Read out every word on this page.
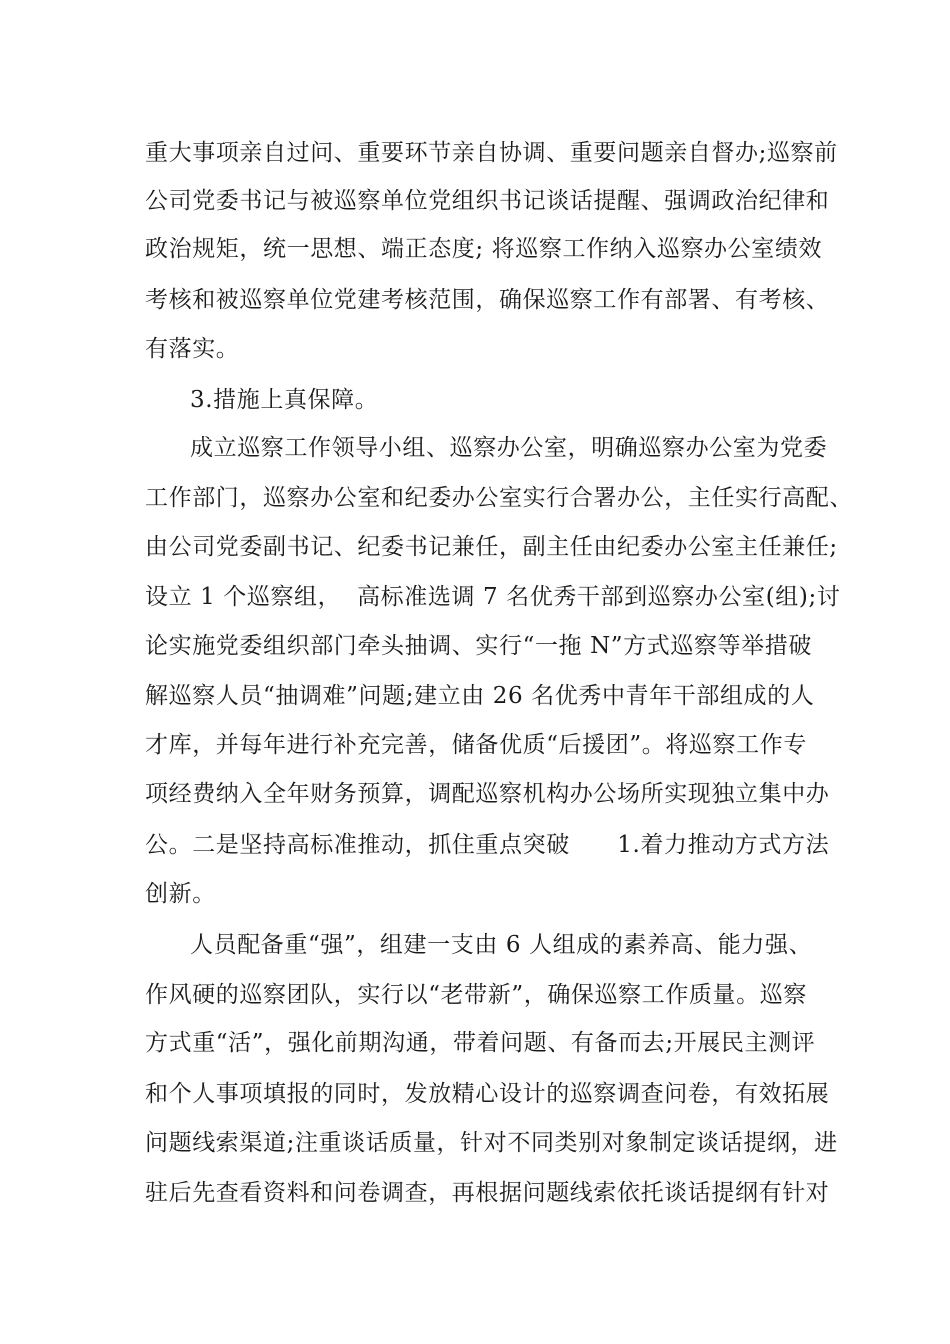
重大事项亲自过问、重要环节亲自协调、重要问题亲自督办;巡察前
公司党委书记与被巡察单位党组织书记谈话提醒、强调政治纪律和
政治规矩，统一思想、端正态度; 将巡察工作纳入巡察办公室绩效
考核和被巡察单位党建考核范围，确保巡察工作有部署、有考核、
有落实。
3.措施上真保障。
成立巡察工作领导小组、巡察办公室，明确巡察办公室为党委
工作部门，巡察办公室和纪委办公室实行合署办公，主任实行高配、
由公司党委副书记、纪委书记兼任，副主任由纪委办公室主任兼任;
设立 1 个巡察组，  高标准选调 7 名优秀干部到巡察办公室(组);讨
论实施党委组织部门牵头抽调、实行“一拖 N”方式巡察等举措破
解巡察人员“抽调难”问题;建立由 26 名优秀中青年干部组成的人
才库，并每年进行补充完善，储备优质“后援团”。将巡察工作专
项经费纳入全年财务预算，调配巡察机构办公场所实现独立集中办
公。二是坚持高标准推动，抓住重点突破      1.着力推动方式方法
创新。
人员配备重“强”，组建一支由 6 人组成的素养高、能力强、
作风硬的巡察团队，实行以“老带新”，确保巡察工作质量。巡察
方式重“活”，强化前期沟通，带着问题、有备而去;开展民主测评
和个人事项填报的同时，发放精心设计的巡察调查问卷，有效拓展
问题线索渠道;注重谈话质量，针对不同类别对象制定谈话提纲，进
驻后先查看资料和问卷调查，再根据问题线索依托谈话提纲有针对
